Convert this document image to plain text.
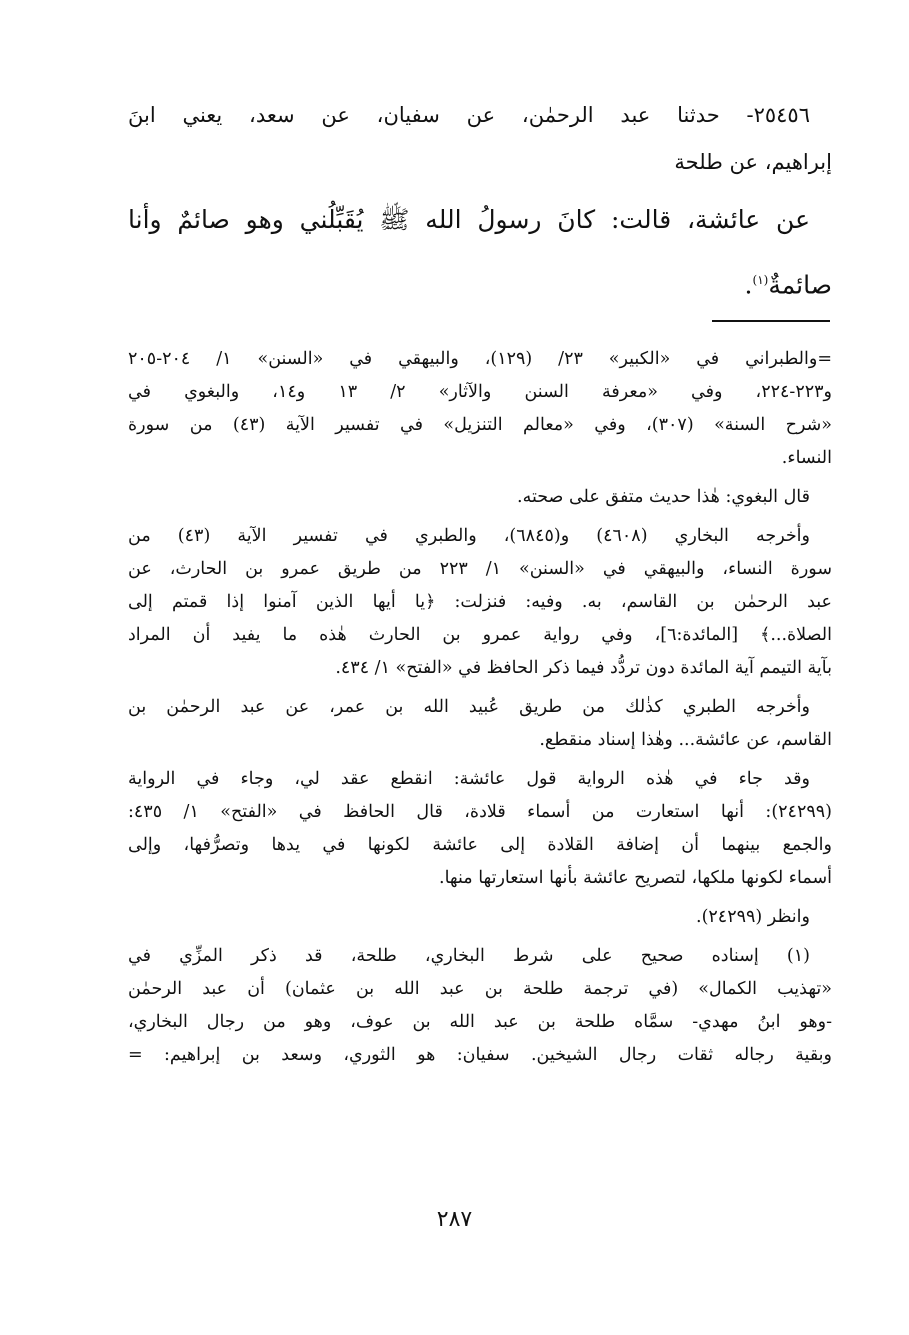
٢٥٤٥٦- حدثنا عبد الرحمٰن، عن سفيان، عن سعد، يعني ابنَ
إبراهيم، عن طلحة
عن عائشة، قالت: كانَ رسولُ الله ﷺ يُقَبِّلُني وهو صائمٌ وأنا
صائمةٌ$^{(١)}$.
=والطبراني في «الكبير» ٢٣/ (١٢٩)، والبيهقي في «السنن» ١/ ٢٠٤-٢٠٥
و٢٢٣-٢٢٤، وفي «معرفة السنن والآثار» ٢/ ١٣ و١٤، والبغوي في
«شرح السنة» (٣٠٧)، وفي «معالم التنزيل» في تفسير الآية (٤٣) من سورة
النساء.
قال البغوي: هٰذا حديث متفق على صحته.
وأخرجه البخاري (٤٦٠٨) و(٦٨٤٥)، والطبري في تفسير الآية (٤٣) من
سورة النساء، والبيهقي في «السنن» ١/ ٢٢٣ من طريق عمرو بن الحارث، عن
عبد الرحمٰن بن القاسم، به. وفيه: فنزلت: ﴿يا أيها الذين آمنوا إذا قمتم إلى
الصلاة...﴾ [المائدة:٦]، وفي رواية عمرو بن الحارث هٰذه ما يفيد أن المراد
بآية التيمم آية المائدة دون تردُّد فيما ذكر الحافظ في «الفتح» ١/ ٤٣٤.
وأخرجه الطبري كذٰلك من طريق عُبيد الله بن عمر، عن عبد الرحمٰن بن
القاسم، عن عائشة... وهٰذا إسناد منقطع.
وقد جاء في هٰذه الرواية قول عائشة: انقطع عقد لي، وجاء في الرواية
(٢٤٢٩٩): أنها استعارت من أسماء قلادة، قال الحافظ في «الفتح» ١/ ٤٣٥:
والجمع بينهما أن إضافة القلادة إلى عائشة لكونها في يدها وتصرُّفها، وإلى
أسماء لكونها ملكها، لتصريح عائشة بأنها استعارتها منها.
وانظر (٢٤٢٩٩).
(١) إسناده صحيح على شرط البخاري، طلحة، قد ذكر المزِّي في
«تهذيب الكمال» (في ترجمة طلحة بن عبد الله بن عثمان) أن عبد الرحمٰن
-وهو ابنُ مهدي- سمَّاه طلحة بن عبد الله بن عوف، وهو من رجال البخاري،
وبقية رجاله ثقات رجال الشيخين. سفيان: هو الثوري، وسعد بن إبراهيم: =
٢٨٧
